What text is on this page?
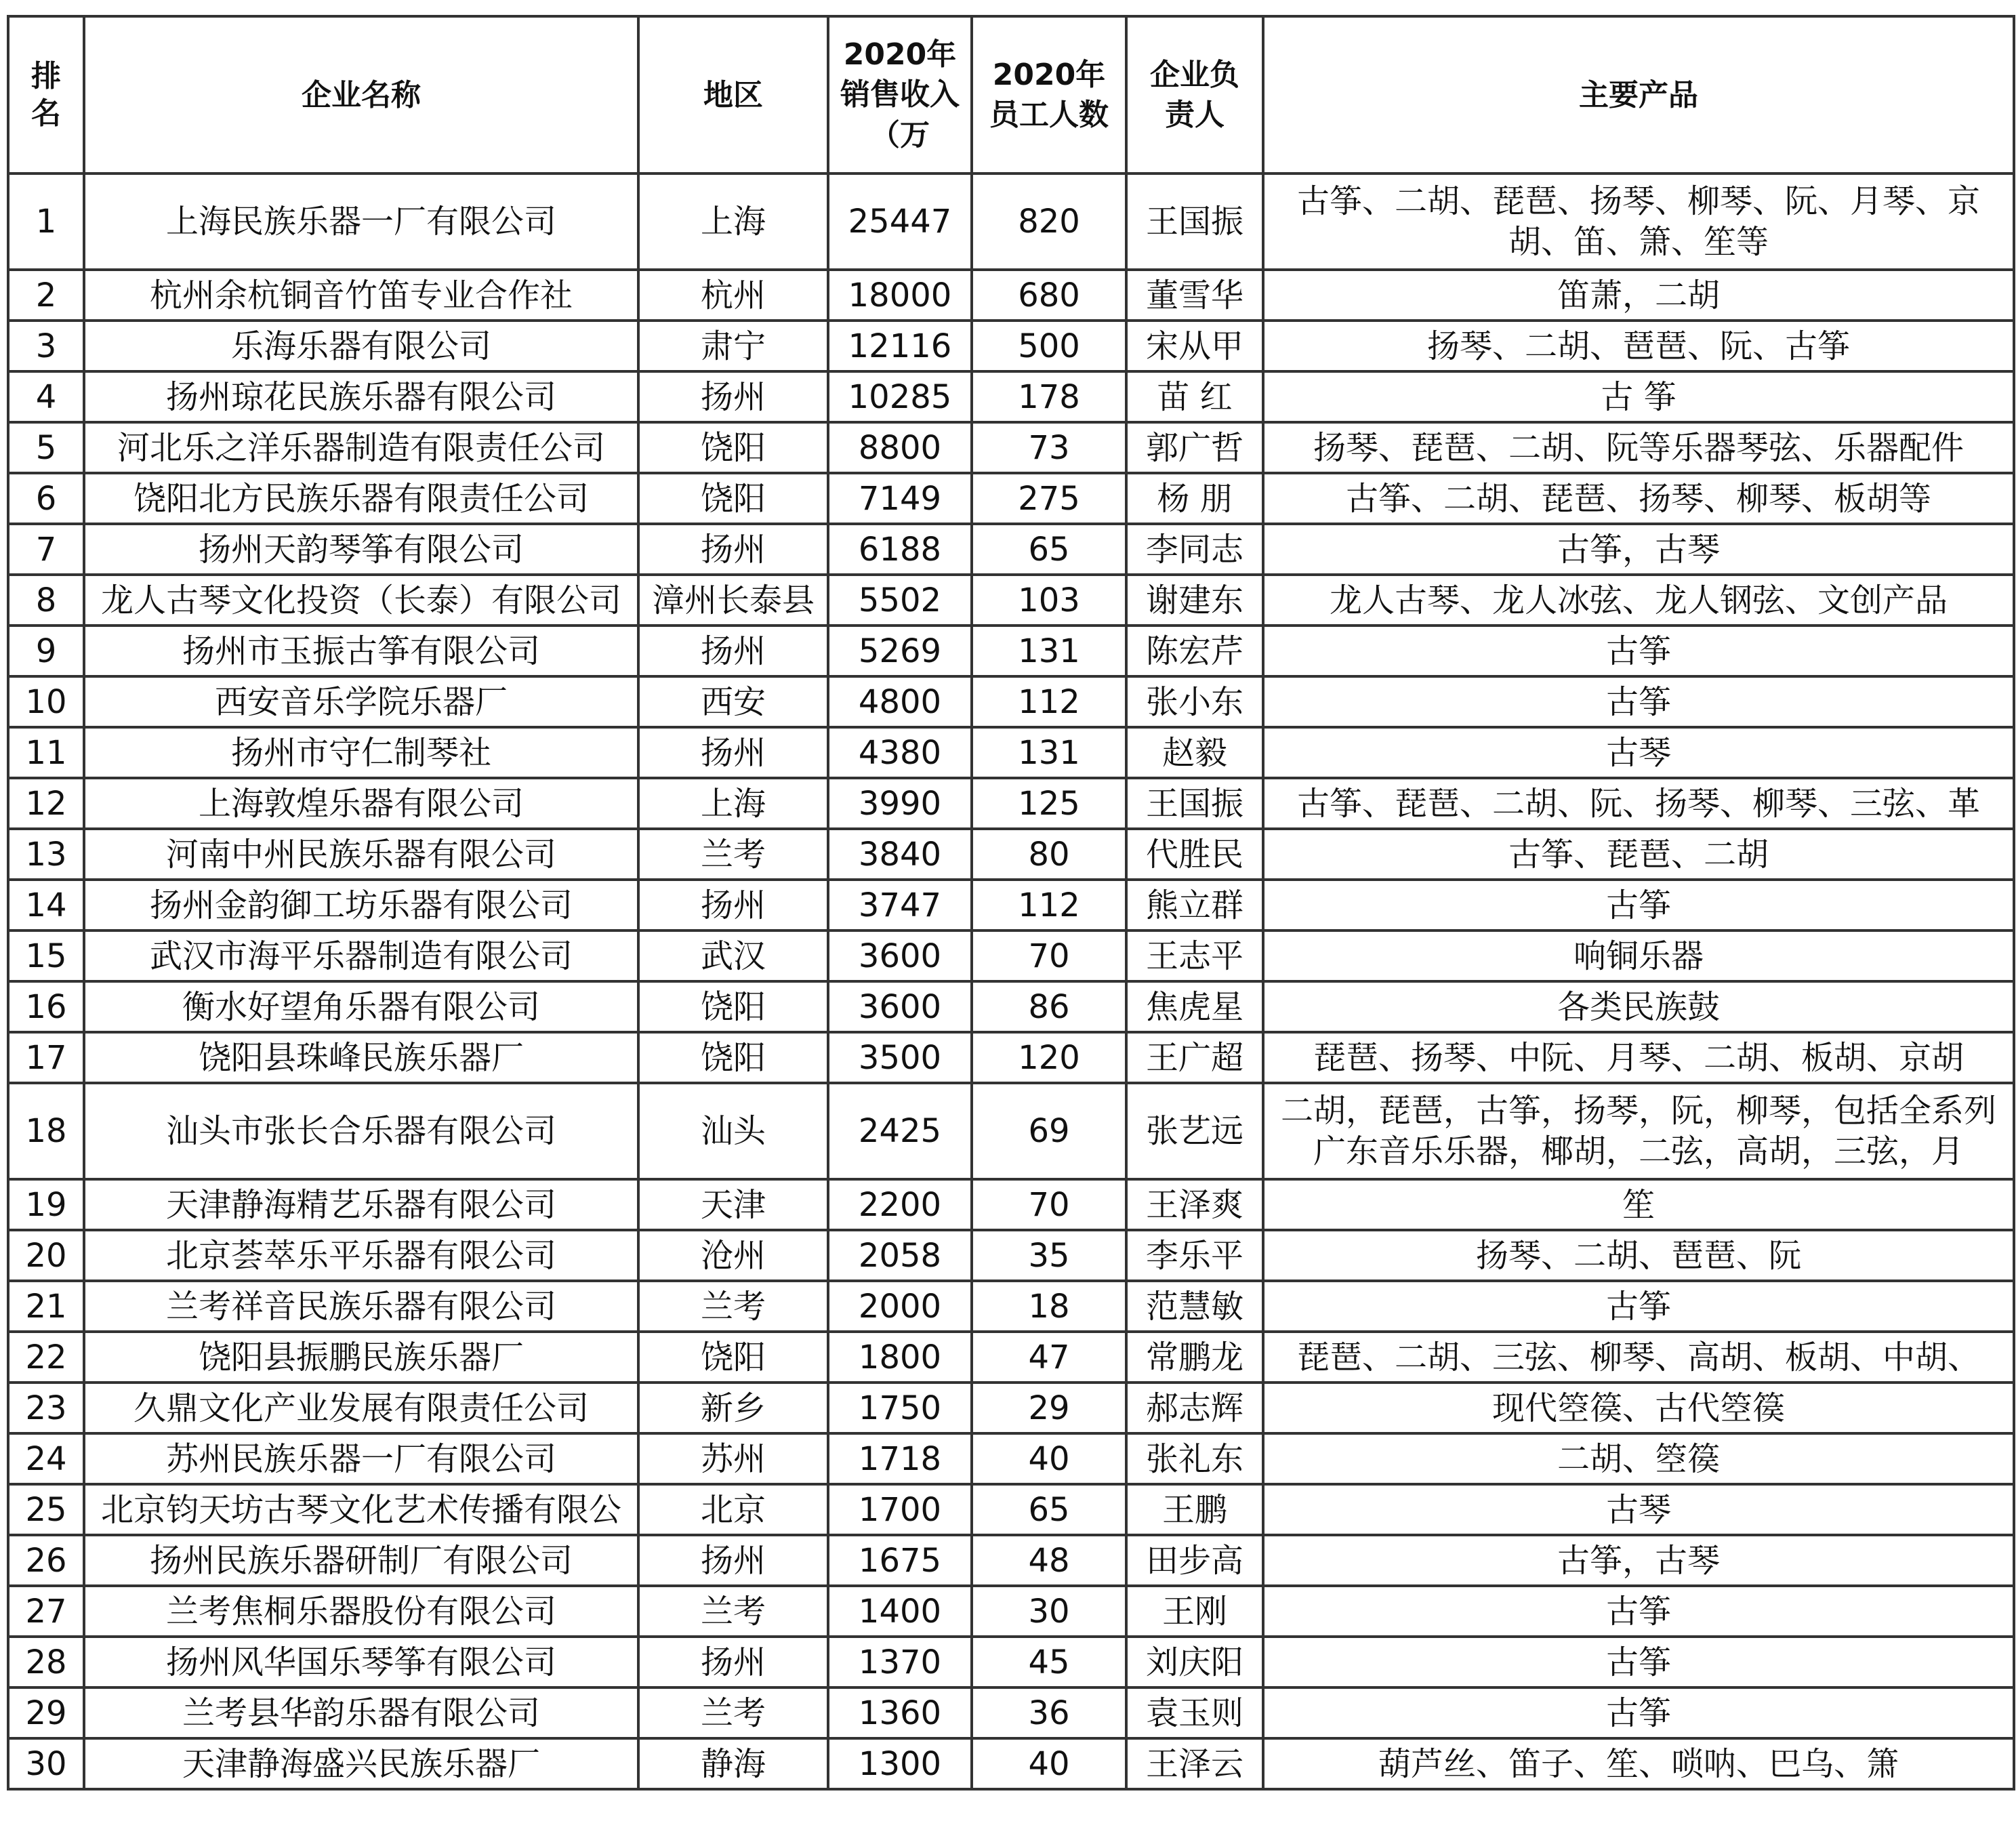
排名	企业名称	地区	2020年销售收入（万	2020年员工人数	企业负责人	主要产品
1	上海民族乐器一厂有限公司	上海	25447	820	王国振	古筝、二胡、琵琶、扬琴、柳琴、阮、月琴、京胡、笛、箫、笙等
2	杭州余杭铜音竹笛专业合作社	杭州	18000	680	董雪华	笛萧，二胡
3	乐海乐器有限公司	肃宁	12116	500	宋从甲	扬琴、二胡、琶琶、阮、古筝
4	扬州琼花民族乐器有限公司	扬州	10285	178	苗 红	古 筝
5	河北乐之洋乐器制造有限责任公司	饶阳	8800	73	郭广哲	扬琴、琵琶、二胡、阮等乐器琴弦、乐器配件
6	饶阳北方民族乐器有限责任公司	饶阳	7149	275	杨 朋	古筝、二胡、琵琶、扬琴、柳琴、板胡等
7	扬州天韵琴筝有限公司	扬州	6188	65	李同志	古筝，古琴
8	龙人古琴文化投资（长泰）有限公司	漳州长泰县	5502	103	谢建东	龙人古琴、龙人冰弦、龙人钢弦、文创产品
9	扬州市玉振古筝有限公司	扬州	5269	131	陈宏芹	古筝
10	西安音乐学院乐器厂	西安	4800	112	张小东	古筝
11	扬州市守仁制琴社	扬州	4380	131	赵毅	古琴
12	上海敦煌乐器有限公司	上海	3990	125	王国振	古筝、琵琶、二胡、阮、扬琴、柳琴、三弦、革
13	河南中州民族乐器有限公司	兰考	3840	80	代胜民	古筝、琵琶、二胡
14	扬州金韵御工坊乐器有限公司	扬州	3747	112	熊立群	古筝
15	武汉市海平乐器制造有限公司	武汉	3600	70	王志平	响铜乐器
16	衡水好望角乐器有限公司	饶阳	3600	86	焦虎星	各类民族鼓
17	饶阳县珠峰民族乐器厂	饶阳	3500	120	王广超	琵琶、扬琴、中阮、月琴、二胡、板胡、京胡
18	汕头市张长合乐器有限公司	汕头	2425	69	张艺远	二胡，琵琶，古筝，扬琴，阮，柳琴，包括全系列广东音乐乐器，椰胡，二弦，高胡，三弦，月
19	天津静海精艺乐器有限公司	天津	2200	70	王泽爽	笙
20	北京荟萃乐平乐器有限公司	沧州	2058	35	李乐平	扬琴、二胡、琶琶、阮
21	兰考祥音民族乐器有限公司	兰考	2000	18	范慧敏	古筝
22	饶阳县振鹏民族乐器厂	饶阳	1800	47	常鹏龙	琵琶、二胡、三弦、柳琴、高胡、板胡、中胡、
23	久鼎文化产业发展有限责任公司	新乡	1750	29	郝志辉	现代箜篌、古代箜篌
24	苏州民族乐器一厂有限公司	苏州	1718	40	张礼东	二胡、箜篌
25	北京钧天坊古琴文化艺术传播有限公	北京	1700	65	王鹏	古琴
26	扬州民族乐器研制厂有限公司	扬州	1675	48	田步高	古筝，古琴
27	兰考焦桐乐器股份有限公司	兰考	1400	30	王刚	古筝
28	扬州风华国乐琴筝有限公司	扬州	1370	45	刘庆阳	古筝
29	兰考县华韵乐器有限公司	兰考	1360	36	袁玉则	古筝
30	天津静海盛兴民族乐器厂	静海	1300	40	王泽云	葫芦丝、笛子、笙、唢呐、巴乌、箫
